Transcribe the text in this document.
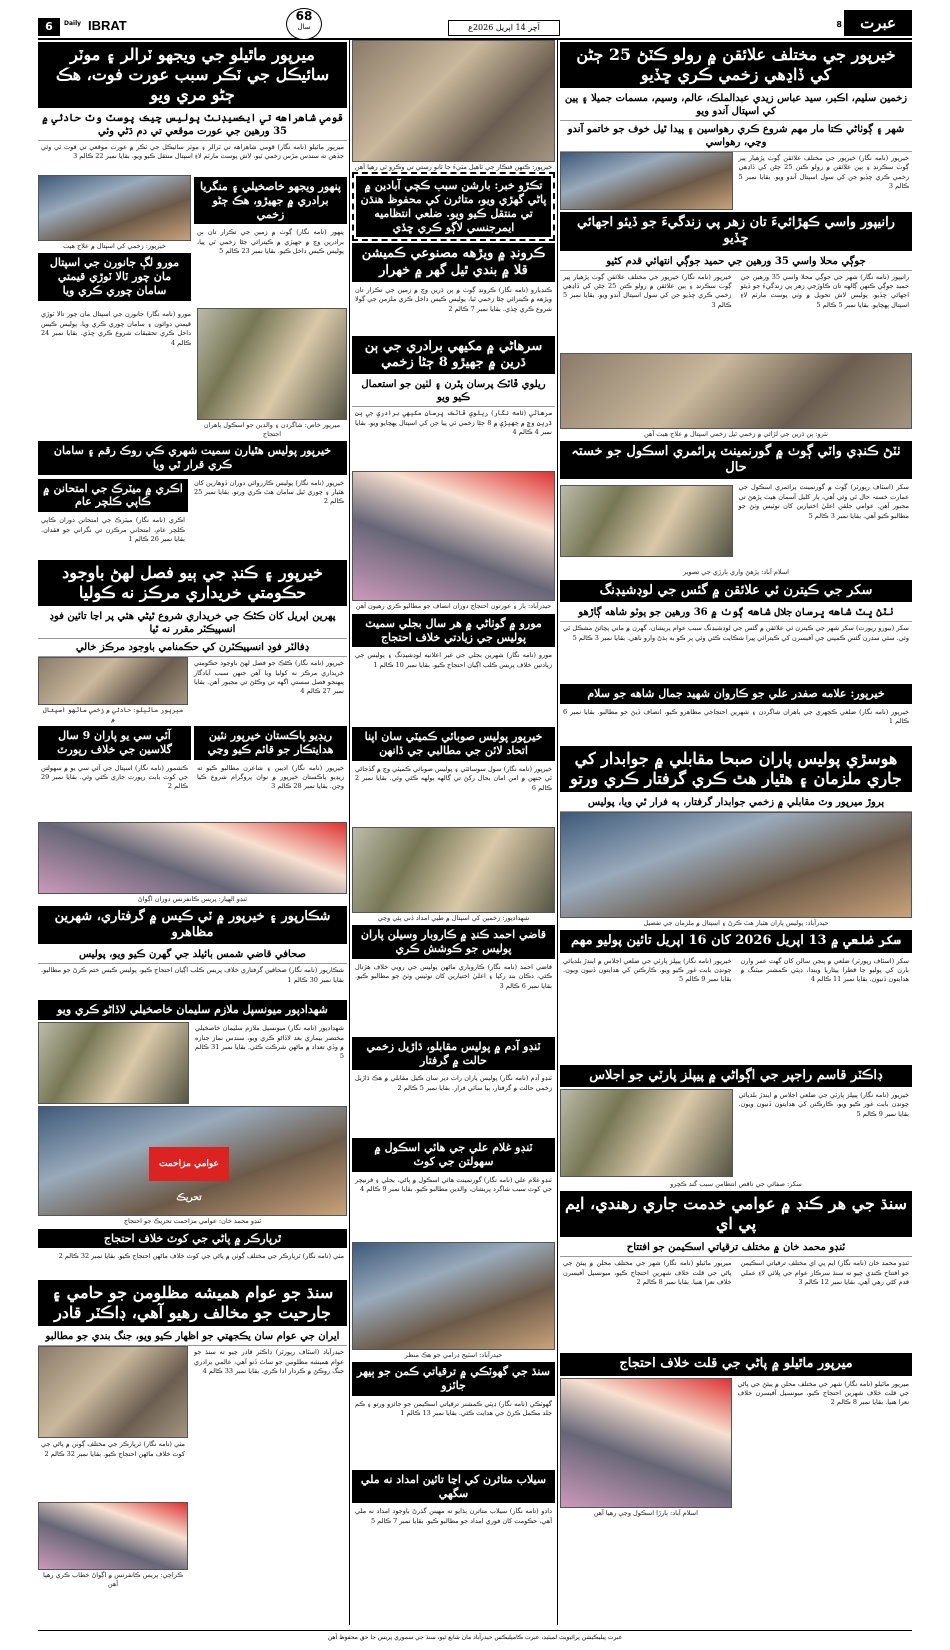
6	Daily IBRAT
68
سال	آچر 14 اپريل 2026ع	عبرت
8
خيرپور جي مختلف علائقن ۾ رولو ڪٽڻ 25 ڄڻن کي ڏاڍهي زخمي ڪري ڇڏيو
زخمين سليم، اڪبر، سيد عباس زيدي عبدالملڪ، عالم، وسيم، مسمات جميلا ۽ ٻين کي اسپتال آندو ويو
شهر ۽ ڳوٺاڻي ڪتا مار مهم شروع ڪري رهواسين ۽ پيدا ٿيل خوف جو خاتمو آندو وڃي، رهواسي
خيرپور (نامه نگار) خيرپور جي مختلف علائقن ڳوٺ پڙهيار پير ڳوٺ سڪرنڊ ۽ ٻين علائقن ۾ رولو ڪتن 25 ڄڻن کي ڏاڍهي زخمي ڪري ڇڏيو جن کي سول اسپتال آندو ويو. بقايا نمبر 5 ڪالم 3
رانيپور واسي ڪهڙائيءَ تان زهر پي زندگيءَ جو ڏيئو اجهائي ڇڏيو
جوڳي محلا واسي 35 ورهين جي حميد جوڳي انتهائي قدم کڻيو
رانيپور (نامه نگار) شهر جي جوڳي محلا واسي 35 ورهين جي حميد جوڳي ڪنهن ڳالهه تان ڪاوڙجي زهر پي زندگيءَ جو ڏيئو اجهائي ڇڏيو. پوليس لاش تحويل ۾ وٺي پوسٽ مارٽم لاءِ اسپتال پهچايو. بقايا نمبر 5 ڪالم 5
خيرپور (نامه نگار) خيرپور جي مختلف علائقن ڳوٺ پڙهيار پير ڳوٺ سڪرنڊ ۽ ٻين علائقن ۾ رولو ڪتن 25 ڄڻن کي ڏاڍهي زخمي ڪري ڇڏيو جن کي سول اسپتال آندو ويو. بقايا نمبر 5 ڪالم 3
ٺٽرو: ٻن ڌرين جي لڙائي ۾ زخمي ٿيل زخمي اسپتال ۾ علاج هيٺ آهن
ٺٽڻ ڪنڊي واٽي ڳوٺ ۾ گورنمينٽ پرائمري اسڪول جو خستہ حال
سکر (اسٽاف رپورٽر) ڳوٺ ۾ گورنمينٽ پرائمري اسڪول جي عمارت خستہ حال ٿي وئي آهي، ٻار کليل آسمان هيٺ پڙهڻ تي مجبور آهن. عوامي حلقن اعليٰ اختيارين کان نوٽيس وٺڻ جو مطالبو ڪيو آهي. بقايا نمبر 3 ڪالم 5
اسلام آباد: پڙهڻ واري ٻارڙي جي تصوير
سکر جي ڪيترن ئي علائقن ۾ گئس جي لوڊشيڊنگ
ٺٽڻ ڀٽ شاهه ڀرسان جلال شاهه ڳوٺ ۾ 36 ورهين جو ٻوٽو شاهه ڳاڙهو
سکر (بيورو رپورٽ) سکر شهر جي ڪيترن ئي علائقن ۾ گئس جي لوڊشيڊنگ سبب عوام پريشان، گهرن ۾ ماني پچائڻ مشڪل ٿي وئي. سئي سدرن گئس ڪمپني جي آفيسرن کي ڪيترائي ڀيرا شڪايت ڪئي وئي پر ڪو به ٻڌڻ وارو ناهي. بقايا نمبر 3 ڪالم 5
خيرپور: علامه صفدر علي جو ڪاروان شهيد جمال شاهه جو سلام
خيرپور (نامه نگار) ضلعي ڪچهري جي ٻاهران شاگردن ۽ شهرين احتجاجي مظاهرو ڪيو، انصاف ڏيڻ جو مطالبو. بقايا نمبر 6 ڪالم 1
هوسڙي پوليس پاران صبحا مقابلي ۾ جوابدار کي جاري ملزمان ۽ هٿيار هٿ ڪري گرفتار ڪري ورتو
ٻروڙ ميرپور وٽ مقابلي ۾ زخمي جوابدار گرفتار، ٻه فرار ٿي ويا، پوليس
حيدرآباد: پوليس پاران هٿيار هٿ ڪرڻ ۽ اسپتال ۾ ملزمان جي تفصيل
سکر ضلعي ۾ 13 اپريل 2026 کان 16 اپريل تائين پوليو مهم
سکر (اسٽاف رپورٽر) ضلعي ۾ پنجن سالن کان گهٽ عمر وارن ٻارن کي پوليو جا قطرا پيئاريا ويندا، ڊپٽي ڪمشنر ميٽنگ ۾ هدايتون ڏنيون. بقايا نمبر 11 ڪالم 4
خيرپور (نامه نگار) پيپلز پارٽي جي ضلعي اجلاس ۾ ايندڙ بلديائي چونڊن بابت غور ڪيو ويو، ڪارڪنن کي هدايتون ڏنيون ويون. بقايا نمبر 9 ڪالم 5
ڊاڪٽر قاسم راجپر جي اڳواڻي ۾ پيپلز پارٽي جو اجلاس
خيرپور (نامه نگار) پيپلز پارٽي جي ضلعي اجلاس ۾ ايندڙ بلديائي چونڊن بابت غور ڪيو ويو، ڪارڪنن کي هدايتون ڏنيون ويون. بقايا نمبر 9 ڪالم 5
سکر: صفائي جي ناقص انتظامن سبب گند ڪچرو
سنڌ جي هر ڪنڊ ۾ عوامي خدمت جاري رهندي، ايم پي اي
ٽنڊو محمد خان ۾ مختلف ترقياتي اسڪيمن جو افتتاح
ٽنڊو محمد خان (نامه نگار) ايم پي اي مختلف ترقياتي اسڪيمن جو افتتاح ڪندي چيو ته سنڌ سرڪار عوام جي ڀلائي لاءِ عملي قدم کڻي رهي آهي. بقايا نمبر 12 ڪالم 3
ميرپور ماٿيلو (نامه نگار) شهر جي مختلف محلن ۾ پيئڻ جي پاڻي جي قلت خلاف شهرين احتجاج ڪيو، ميونسپل آفيسرن خلاف نعرا هنيا. بقايا نمبر 8 ڪالم 2
ميرپور ماٿيلو ۾ پاڻي جي قلت خلاف احتجاج
ميرپور ماٿيلو (نامه نگار) شهر جي مختلف محلن ۾ پيئڻ جي پاڻي جي قلت خلاف شهرين احتجاج ڪيو، ميونسپل آفيسرن خلاف نعرا هنيا. بقايا نمبر 8 ڪالم 2
اسلام آباد: ٻارڙا اسڪول وڃي رهيا آهن
خيرپور: ڪنهن فنڪار جي ٺاهيل مٽيءَ جا ٿانو رستي تي وڪرو ٿي رهيا آهن
تڪڙو خبر: بارشن سبب ڪچي آبادين ۾ پاڻي گهڙي ويو، متاثرن کي محفوظ هنڌن تي منتقل ڪيو ويو. ضلعي انتظاميه ايمرجنسي لاڳو ڪري ڇڏي
ڪرونڊ ۾ ويڙهه مصنوعي ڪميشن قلا ۾ بندي ٿيل گهر ۾ خهرار
ڪنڊيارو (نامه نگار) ڪرونڊ ڳوٺ ۾ ٻن ڌرين وچ ۾ زمين جي تڪرار تان ويڙهه ۾ ڪيترائي ڄڻا زخمي ٿيا، پوليس ڪيس داخل ڪري ملزمن جي ڳولا شروع ڪري ڇڏي. بقايا نمبر 7 ڪالم 2
سرهاڻي ۾ مکيهي برادري جي ٻن ڌرين ۾ جهيڙو 8 ڄڻا زخمي
ريلوي ڦاٽڪ پرسان پٿرن ۽ لٺين جو استعمال ڪيو ويو
سرهاڻي (نامه نگار) ريلوي ڦاٽڪ ڀرسان مکيهي برادري جي ٻن ڌرين وچ ۾ جهيڙي ۾ 8 ڄڻا زخمي ٿي پيا جن کي اسپتال پهچايو ويو. بقايا نمبر 4 ڪالم 4
حيدرآباد: ٻار ۽ عورتون احتجاج دوران انصاف جو مطالبو ڪري رهيون آهن
مورو ۾ گوٺاڻي ۾ هر سال بجلي سميٽ پوليس جي زيادتي خلاف احتجاج
مورو (نامه نگار) شهرين بجلي جي غير اعلانيه لوڊشيڊنگ ۽ پوليس جي زيادتين خلاف پريس ڪلب اڳيان احتجاج ڪيو. بقايا نمبر 10 ڪالم 1
خيرپور پوليس صوبائي ڪميٽي سان اپنا اتحاد لائن جي مطالبي جي ڏانهن
خيرپور (نامه نگار) سول سوسائٽي ۽ پوليس صوبائي ڪميٽي وچ ۾ گڏجاڻي ٿي جنهن ۾ امن امان بحال رکڻ تي ڳالهه ٻولهه ڪئي وئي. بقايا نمبر 2 ڪالم 6
شهدادپور: زخمين کي اسپتال ۾ طبي امداد ڏني پئي وڃي
قاضي احمد ڪنڍ ۾ ڪاروبار وسيلن پاران پوليس جو ڪوشش ڪري
قاضي احمد (نامه نگار) ڪاروباري ماڻهن پوليس جي رويي خلاف هڙتال ڪئي، دڪان بند رکيا ۽ اعليٰ اختيارين کان نوٽيس وٺڻ جو مطالبو ڪيو. بقايا نمبر 6 ڪالم 3
ٽنڊو آدم ۾ پوليس مقابلو، ڌاڙيل زخمي حالت ۾ گرفتار
ٽنڊو آدم (نامه نگار) پوليس پاران رات دير سان ڪيل مقابلي ۾ هڪ ڌاڙيل زخمي حالت ۾ گرفتار، ٻيا ساٿي فرار. بقايا نمبر 5 ڪالم 2
ٽنڊو غلام علي جي هائي اسڪول ۾ سهولتن جي کوٽ
ٽنڊو غلام علي (نامه نگار) گورنمينٽ هائي اسڪول ۾ پاڻي، بجلي ۽ فرنيچر جي کوٽ سبب شاگرد پريشان، والدين مطالبو ڪيو. بقايا نمبر 9 ڪالم 4
حيدرآباد: اسٽيج ڊرامي جو هڪ منظر
سنڌ جي گهوٽڪي ۾ ترقياتي ڪمن جو ٻيهر جائزو
گهوٽڪي (نامه نگار) ڊپٽي ڪمشنر ترقياتي اسڪيمن جو جائزو ورتو ۽ ڪم جلد مڪمل ڪرڻ جي هدايت ڪئي. بقايا نمبر 13 ڪالم 1
سيلاب متاثرن کي اڃا تائين امداد نه ملي سگهي
دادو (نامه نگار) سيلاب متاثرن ٻڌايو ته مهينن گذرڻ باوجود امداد نه ملي آهي، حڪومت کان فوري امداد جو مطالبو ڪيو. بقايا نمبر 7 ڪالم 5
ميرپور ماٿيلو جي ويجهو ٽرالر ۽ موٽر سائيڪل جي ٽڪر سبب عورت فوت، هڪ ڄڻو مري ويو
قومي شاهراهه تي ايڪسيڊنٽ پوليس چيڪ پوسٽ وٽ حادثي ۾ 35 ورهين جي عورت موقعي تي دم ڌڻي وئي
ميرپور ماٿيلو (نامه نگار) قومي شاهراهه تي ٽرالر ۽ موٽر سائيڪل جي ٽڪر ۾ عورت موقعي تي فوت ٿي وئي جڏهن ته سندس مڙس زخمي ٿيو، لاش پوسٽ مارٽم لاءِ اسپتال منتقل ڪيو ويو. بقايا نمبر 22 ڪالم 3
پنهور ويجهو خاصخيلي ۽ منگريا برادري ۾ جهيڙو، هڪ ڄڻو زخمي
پنهور (نامه نگار) ڳوٺ ۾ زمين جي تڪرار تان ٻن برادرين وچ ۾ جهيڙي ۾ ڪيترائي ڄڻا زخمي ٿي پيا، پوليس ڪيس داخل ڪيو. بقايا نمبر 23 ڪالم 5
خيرپور: زخمي کي اسپتال ۾ علاج هيٺ
مورو لڳ جانورن جي اسپتال مان چور ٽالا ٽوڙي قيمتي سامان چوري ڪري ويا
ميرپور خاص: شاگردن ۽ والدين جو اسڪول ٻاهران احتجاج
مورو (نامه نگار) جانورن جي اسپتال مان چور تالا ٽوڙي قيمتي دوائون ۽ سامان چوري ڪري ويا، پوليس ڪيس داخل ڪري تحقيقات شروع ڪري ڇڏي. بقايا نمبر 24 ڪالم 4
خيرپور پوليس هٿيارن سميت شهري ڪي روڪ رقم ۽ سامان ڪري قرار ٿي ويا
خيرپور (نامه نگار) پوليس ڪارروائي دوران ڏوهارين کان هٿيار ۽ چوري ٿيل سامان هٿ ڪري ورتو. بقايا نمبر 25 ڪالم 2
اڪري ۾ ميٽرڪ جي امتحانن ۾ ڪاپي ڪلچر عام
اڪري (نامه نگار) ميٽرڪ جي امتحانن دوران ڪاپي ڪلچر عام، امتحاني مرڪزن تي نگراني جو فقدان. بقايا نمبر 26 ڪالم 1
خيرپور ۽ ڪنڊ جي ٻيو فصل لهڻ باوجود حڪومتي خريداري مرڪز نه ڪوليا
پهرين اپريل کان ڪڻڪ جي خريداري شروع ٿيڻي هئي پر اڃا تائين فوڊ انسپيڪٽر مقرر نه ٿيا
ڊفالٽر فوڊ انسپيڪٽرن کي حڪمنامي باوجود مرڪز خالي
خيرپور (نامه نگار) ڪڻڪ جو فصل لهڻ باوجود حڪومتي خريداري مرڪز نه کوليا ويا آهن جنهن سبب آبادگار پنهنجو فصل سستي اگهه تي وڪڻڻ تي مجبور آهن. بقايا نمبر 27 ڪالم 4
ميرپور ماٿيلو: حادثي ۾ زخمي ماڻهو اسپتال ۾
ريڊيو پاڪستان خيرپور نئين هدايتڪار جو قائم ڪيو وڃي
خيرپور (نامه نگار) اديبن ۽ شاعرن مطالبو ڪيو ته ريڊيو پاڪستان خيرپور ۾ نوان پروگرام شروع ڪيا وڃن. بقايا نمبر 28 ڪالم 3
آئي سي يو پاران 9 سال گلاسين جي خلاف رپورٽ
ڪشمور (نامه نگار) اسپتال جي آئي سي يو ۾ سهولتن جي کوٽ بابت رپورٽ جاري ڪئي وئي. بقايا نمبر 29 ڪالم 2
ٽنڊو الهيار: پريس ڪانفرنس دوران اڳواڻ
شڪارپور ۽ خيرپور ۾ ٽي ڪيس ۾ گرفتاري، شهرين مظاهرو
صحافي قاضي شمس بائيلد جي گهرن ڪيو ويو، پوليس
شڪارپور (نامه نگار) صحافين گرفتاري خلاف پريس ڪلب اڳيان احتجاج ڪيو، پوليس ڪيس ختم ڪرڻ جو مطالبو. بقايا نمبر 30 ڪالم 1
شهدادپور ميونسپل ملازم سليمان خاصخيلي لاڏاڻو ڪري ويو
شهدادپور (نامه نگار) ميونسپل ملازم سليمان خاصخيلي مختصر بيماري بعد لاڏاڻو ڪري ويو، سندس نماز جنازه ۾ وڏي تعداد ۾ ماڻهن شرڪت ڪئي. بقايا نمبر 31 ڪالم 5
عوامي مزاحمت تحريڪ
ٽنڊو محمد خان: عوامي مزاحمت تحريڪ جو احتجاج
ٿرپارڪر ۾ پاڻي جي کوٽ خلاف احتجاج
مٺي (نامه نگار) ٿرپارڪر جي مختلف ڳوٺن ۾ پاڻي جي کوٽ خلاف ماڻهن احتجاج ڪيو. بقايا نمبر 32 ڪالم 2
سنڌ جو عوام هميشه مظلومن جو حامي ۽ جارحيت جو مخالف رهيو آهي، ڊاڪٽر قادر
ايران جي عوام سان يڪجهتي جو اظهار ڪيو ويو، جنگ بندي جو مطالبو
حيدرآباد (اسٽاف رپورٽر) ڊاڪٽر قادر چيو ته سنڌ جو عوام هميشه مظلومن جو ساٿ ڏنو آهي، عالمي برادري جنگ روڪڻ ۾ ڪردار ادا ڪري. بقايا نمبر 33 ڪالم 4
مٺي (نامه نگار) ٿرپارڪر جي مختلف ڳوٺن ۾ پاڻي جي کوٽ خلاف ماڻهن احتجاج ڪيو. بقايا نمبر 32 ڪالم 2
ڪراچي: پريس ڪانفرنس ۾ اڳواڻ خطاب ڪري رهيا آهن
عبرت پبليڪيشن پرائيويٽ لميٽيڊ، عبرت ڪامپليڪس حيدرآباد مان شايع ٿيو، سنڌ جي سموري پريس جا حق محفوظ آهن
